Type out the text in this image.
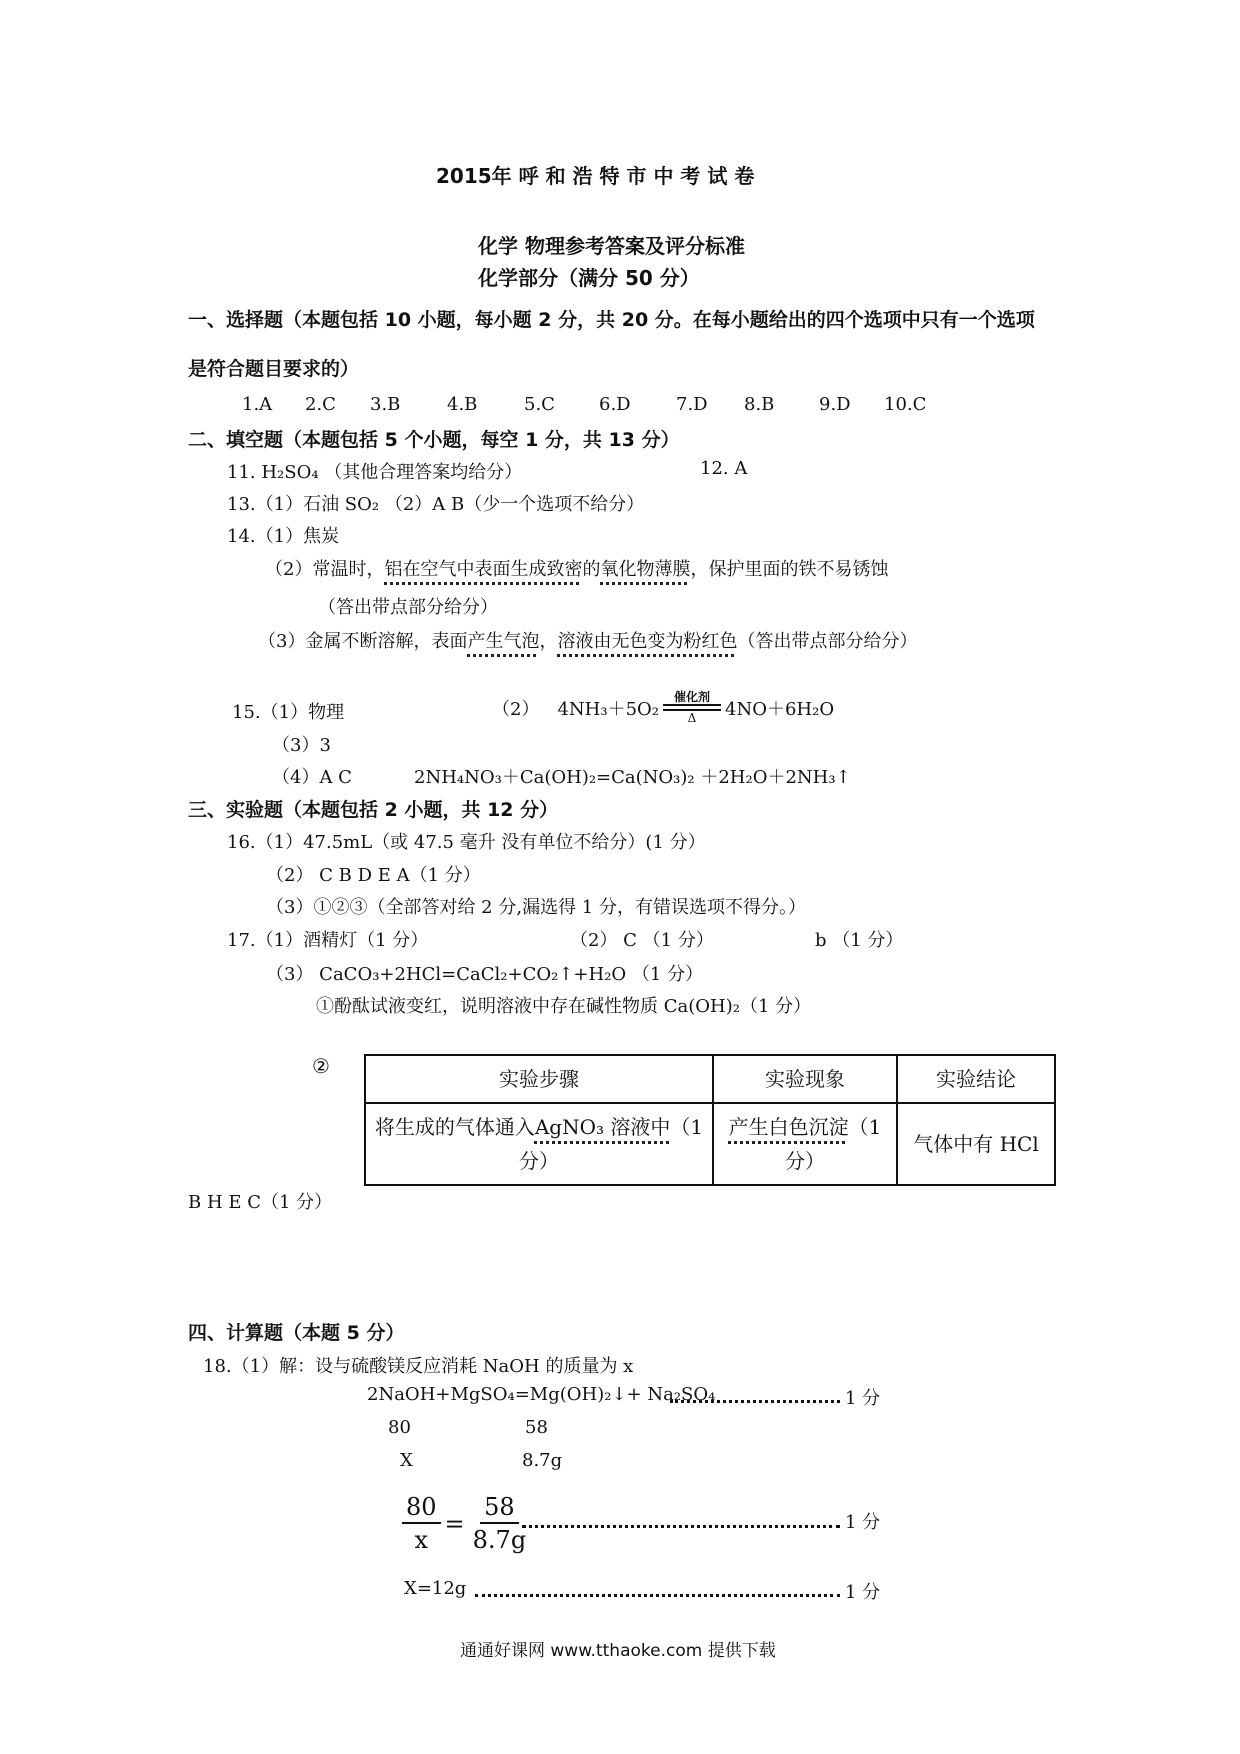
2015年 呼 和 浩 特 市 中 考 试 卷
化学 物理参考答案及评分标准
化学部分（满分 50 分）
一、选择题（本题包括 10 小题，每小题 2 分，共 20 分。在每小题给出的四个选项中只有一个选项
是符合题目要求的）
1.A	2.C	3.B	4.B	5.C	6.D	7.D	8.B	9.D	10.C
二、填空题（本题包括 5 个小题，每空 1 分，共 13 分）
11. H₂SO₄ （其他合理答案均给分）	12. A
13.（1）石油 SO₂ （2）A B（少一个选项不给分）
14.（1）焦炭
（2）常温时，铝在空气中表面生成致密的氧化物薄膜，保护里面的铁不易锈蚀
（答出带点部分给分）
（3）金属不断溶解，表面产生气泡，溶液由无色变为粉红色（答出带点部分给分）
15.（1）物理	（2） 4NH₃＋5O₂
催化剂
Δ 4NO＋6H₂O
（3）3
（4）A C	2NH₄NO₃＋Ca(OH)₂=Ca(NO₃)₂ ＋2H₂O＋2NH₃↑
三、实验题（本题包括 2 小题，共 12 分）
16.（1）47.5mL（或 47.5 毫升 没有单位不给分）(1 分）
（2） C B D E A（1 分）
（3）①②③（全部答对给 2 分,漏选得 1 分，有错误选项不得分。）
17.（1）酒精灯（1 分）	（2） C （1 分）	b （1 分）
（3） CaCO₃+2HCl=CaCl₂+CO₂↑+H₂O （1 分）
①酚酞试液变红，说明溶液中存在碱性物质 Ca(OH)₂（1 分）
②
实验步骤	实验现象	实验结论
将生成的气体通入AgNO₃ 溶液中（1
分）	产生白色沉淀（1
分）	气体中有 HCl
B H E C（1 分）
四、计算题（本题 5 分）
18.（1）解：设与硫酸镁反应消耗 NaOH 的质量为 x
2NaOH+MgSO₄=Mg(OH)₂↓+ Na₂SO₄	1 分
80	58
X	8.7g
$\frac{80}{x} = \frac{58}{8.7g}$	1 分
X=12g	1 分
通通好课网 www.tthaoke.com 提供下载
